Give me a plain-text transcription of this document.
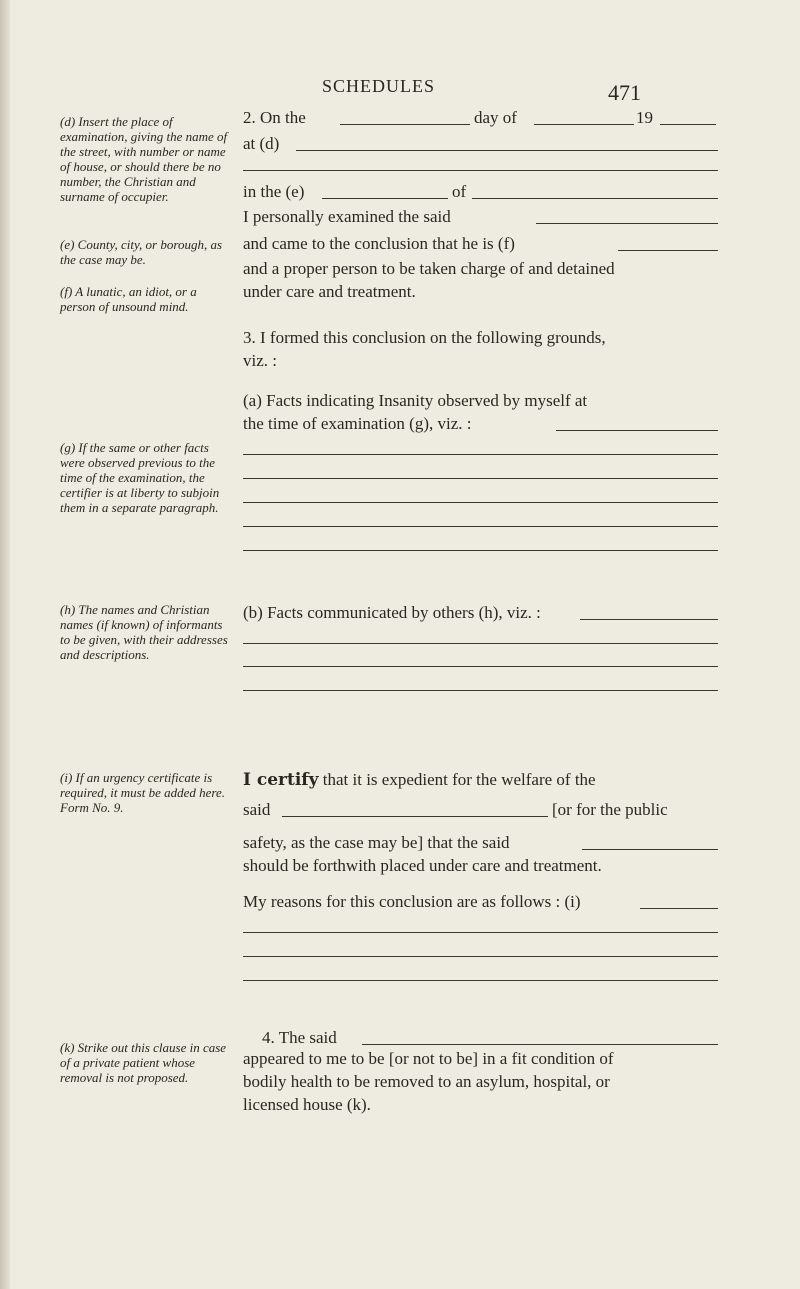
SCHEDULES	471
(d) Insert the place of examination, giving the name of the street, with number or name of house, or should there be no number, the Christian and surname of occupier.
(e) County, city, or borough, as the case may be.
(f) A lunatic, an idiot, or a person of unsound mind.
(g) If the same or other facts were observed previous to the time of the examination, the certifier is at liberty to subjoin them in a separate paragraph.
(h) The names and Christian names (if known) of informants to be given, with their addresses and descriptions.
(i) If an urgency certificate is required, it must be added here. Form No. 9.
(k) Strike out this clause in case of a private patient whose removal is not proposed.
2. On the	day of	19
at (d)
in the (e)	of
I personally examined the said
and came to the conclusion that he is (f)
and a proper person to be taken charge of and detained
under care and treatment.
3. I formed this conclusion on the following grounds,
viz. :
(a) Facts indicating Insanity observed by myself at
the time of examination (g), viz. :
(b) Facts communicated by others (h), viz. :
I certify that it is expedient for the welfare of the
said	[or for the public
safety, as the case may be] that the said
should be forthwith placed under care and treatment.
My reasons for this conclusion are as follows : (i)
4. The said
appeared to me to be [or not to be] in a fit condition of
bodily health to be removed to an asylum, hospital, or
licensed house (k).
